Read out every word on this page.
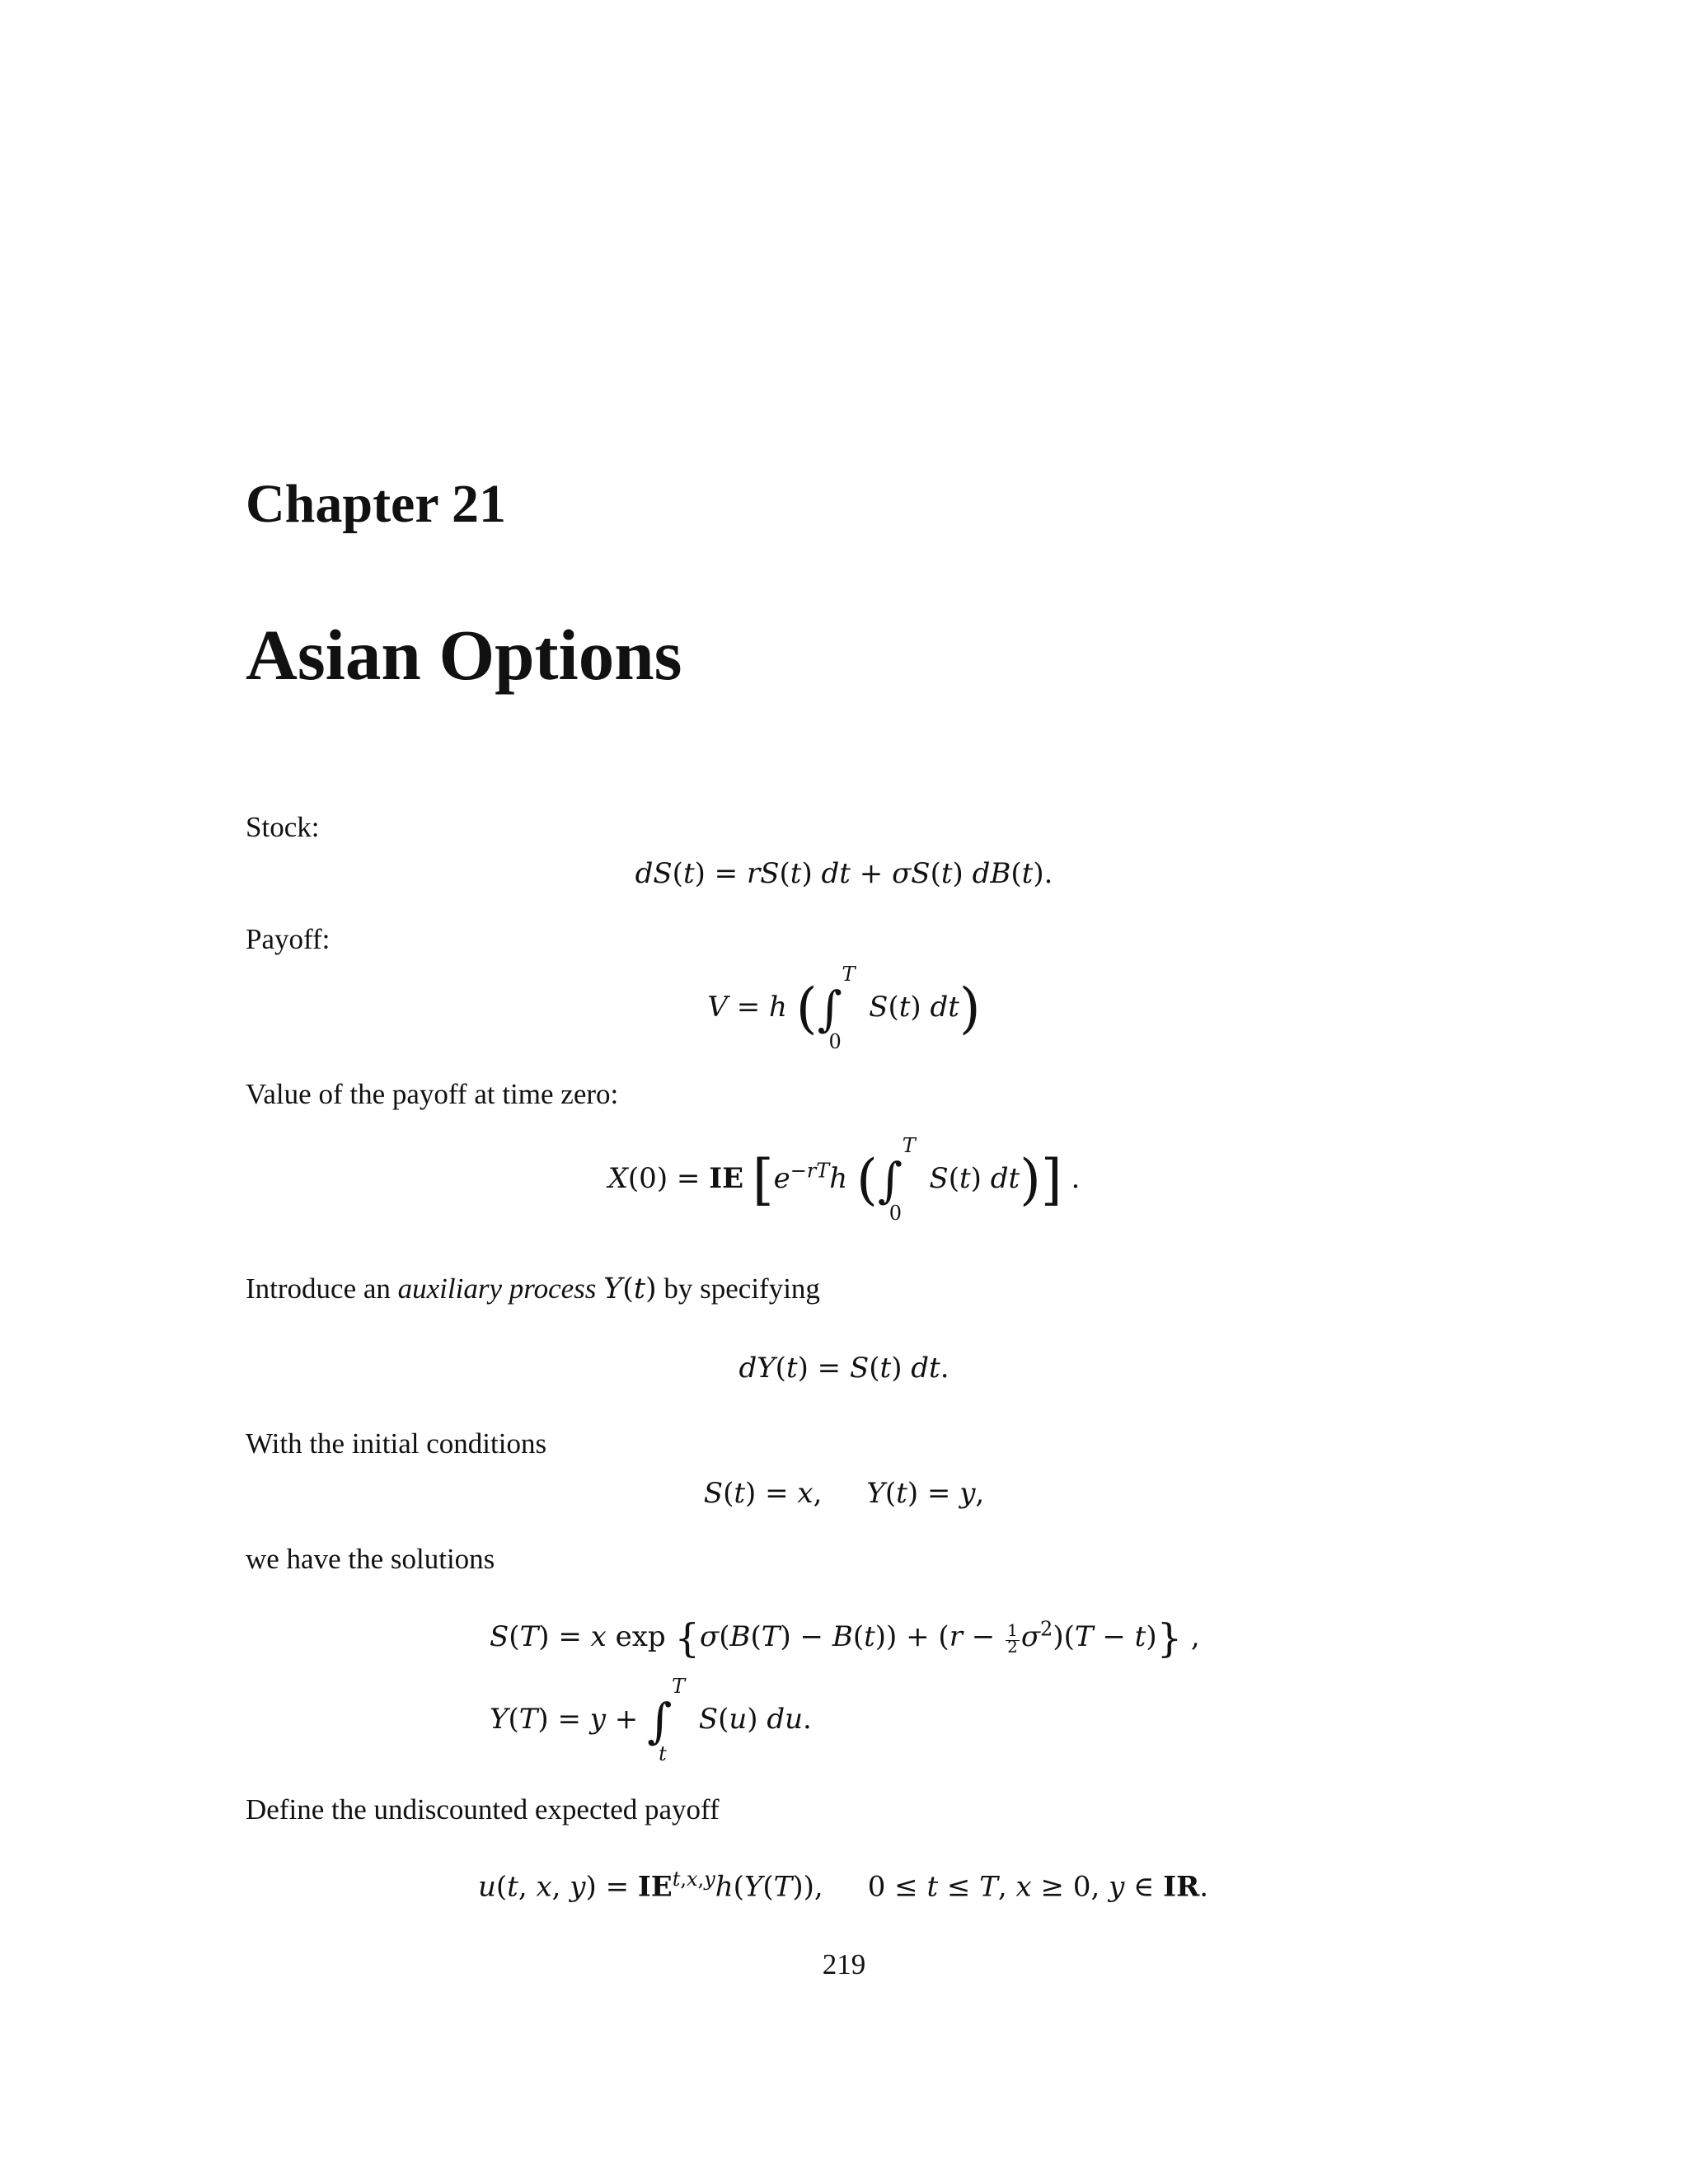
Chapter 21
Asian Options
Stock:
dS(t) = rS(t) dt + σS(t) dB(t).
Payoff:
V = h (∫
T
0
S(t) dt)
Value of the payoff at time zero:
X(0) = IE [$e^{-rT}h$ (∫
T
0
S(t) dt)] .
Introduce an auxiliary process Y(t) by specifying
dY(t) = S(t) dt.
With the initial conditions
S(t) = x,     Y(t) = y,
we have the solutions
S(T) = x exp {σ(B(T) − B(t)) + (r − 1
2 $\sigma^2)(T - t)$} ,
Y(T) = y + ∫
T
t
S(u) du.
Define the undiscounted expected payoff
u(t, x, y) = IE$^{t,x,y}$h(Y(T)),     0 ≤ t ≤ T, x ≥ 0, y ∈ IR.
219
